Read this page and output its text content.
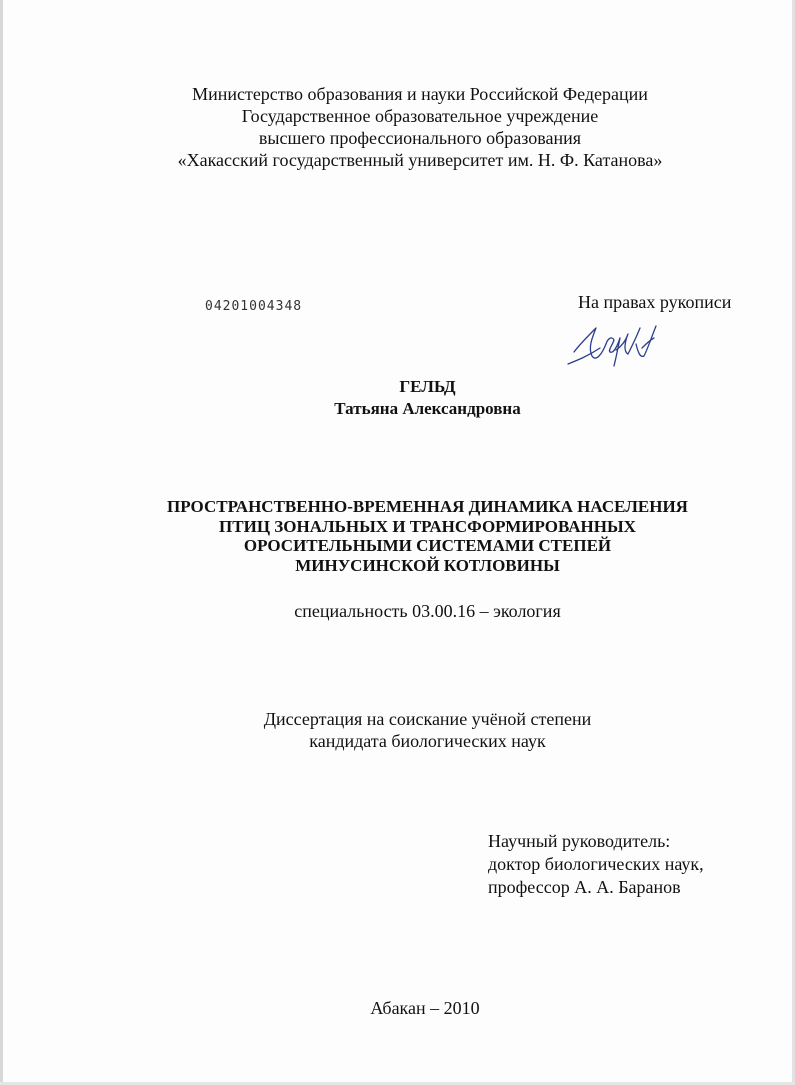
Министерство образования и науки Российской Федерации
Государственное образовательное учреждение
высшего профессионального образования
«Хакасский государственный университет им. Н. Ф. Катанова»
04201004348	На правах рукописи
ГЕЛЬД
Татьяна Александровна
ПРОСТРАНСТВЕННО-ВРЕМЕННАЯ ДИНАМИКА НАСЕЛЕНИЯ
ПТИЦ ЗОНАЛЬНЫХ И ТРАНСФОРМИРОВАННЫХ
ОРОСИТЕЛЬНЫМИ СИСТЕМАМИ СТЕПЕЙ
МИНУСИНСКОЙ КОТЛОВИНЫ
специальность 03.00.16 – экология
Диссертация на соискание учёной степени
кандидата биологических наук
Научный руководитель:
доктор биологических наук,
профессор А. А. Баранов
Абакан – 2010
